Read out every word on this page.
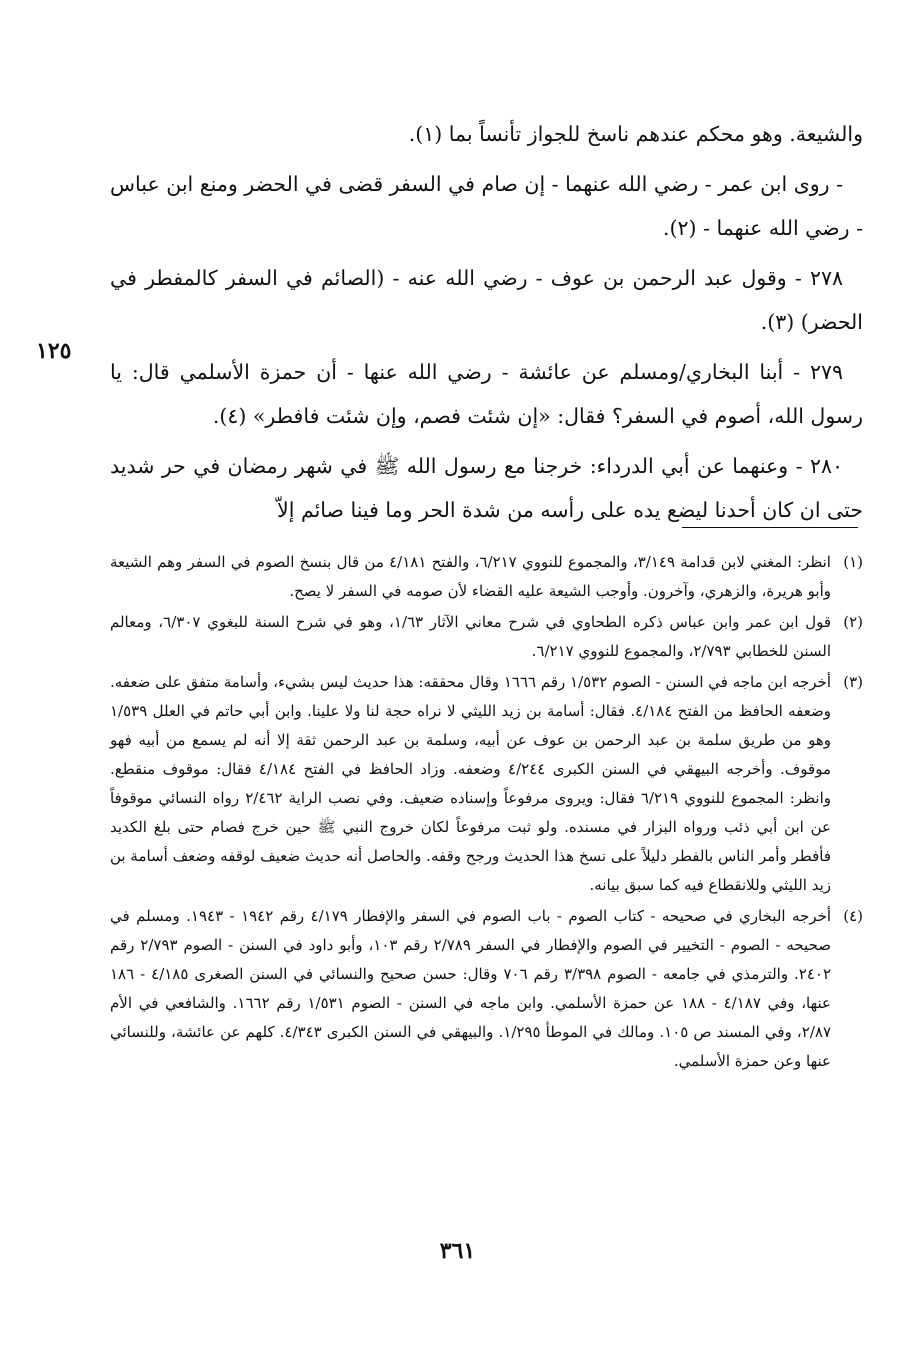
١٢٥

والشيعة. وهو محكم عندهم ناسخ للجواز تأنساً بما (١).

- روى ابن عمر - رضي الله عنهما - إن صام في السفر قضى في الحضر ومنع ابن عباس - رضي الله عنهما - (٢).

٢٧٨ - وقول عبد الرحمن بن عوف - رضي الله عنه - (الصائم في السفر كالمفطر في الحضر) (٣).

٢٧٩ - أبنا البخاري/ومسلم عن عائشة - رضي الله عنها - أن حمزة الأسلمي قال: يا رسول الله، أصوم في السفر؟ فقال: «إن شئت فصم، وإن شئت فافطر» (٤).

٢٨٠ - وعنهما عن أبي الدرداء: خرجنا مع رسول الله ﷺ في شهر رمضان في حر شديد حتى ان كان أحدنا ليضع يده على رأسه من شدة الحر وما فينا صائم إلاّ

(١)
انظر: المغني لابن قدامة ٣/١٤٩، والمجموع للنووي ٦/٢١٧، والفتح ٤/١٨١ من قال بنسخ الصوم في السفر وهم الشيعة وأبو هريرة، والزهري، وآخرون. وأوجب الشيعة عليه القضاء لأن صومه في السفر لا يصح.
(٢)
قول ابن عمر وابن عباس ذكره الطحاوي في شرح معاني الآثار ١/٦٣، وهو في شرح السنة للبغوي ٦/٣٠٧، ومعالم السنن للخطابي ٢/٧٩٣، والمجموع للنووي ٦/٢١٧.
(٣)
أخرجه ابن ماجه في السنن - الصوم ١/٥٣٢ رقم ١٦٦٦ وقال محققه: هذا حديث ليس بشيء، وأسامة متفق على ضعفه. وضعفه الحافظ من الفتح ٤/١٨٤. فقال: أسامة بن زيد الليثي لا نراه حجة لنا ولا علينا. وابن أبي حاتم في العلل ١/٥٣٩ وهو من طريق سلمة بن عبد الرحمن بن عوف عن أبيه، وسلمة بن عبد الرحمن ثقة إلا أنه لم يسمع من أبيه فهو موقوف. وأخرجه البيهقي في السنن الكبرى ٤/٢٤٤ وضعفه. وزاد الحافظ في الفتح ٤/١٨٤ فقال: موقوف منقطع. وانظر: المجموع للنووي ٦/٢١٩ فقال: ويروى مرفوعاً وإسناده ضعيف. وفي نصب الراية ٢/٤٦٢ رواه النسائي موقوفاً عن ابن أبي ذئب ورواه البزار في مسنده. ولو ثبت مرفوعاً لكان خروج النبي ﷺ حين خرج فصام حتى بلغ الكديد فأفطر وأمر الناس بالفطر دليلاً على نسخ هذا الحديث ورجح وقفه. والحاصل أنه حديث ضعيف لوقفه وضعف أسامة بن زيد الليثي وللانقطاع فيه كما سبق بيانه.
(٤)
أخرجه البخاري في صحيحه - كتاب الصوم - باب الصوم في السفر والإفطار ٤/١٧٩ رقم ١٩٤٢ - ١٩٤٣. ومسلم في صحيحه - الصوم - التخيير في الصوم والإفطار في السفر ٢/٧٨٩ رقم ١٠٣، وأبو داود في السنن - الصوم ٢/٧٩٣ رقم ٢٤٠٢. والترمذي في جامعه - الصوم ٣/٣٩٨ رقم ٧٠٦ وقال: حسن صحيح والنسائي في السنن الصغرى ٤/١٨٥ - ١٨٦ عنها، وفي ٤/١٨٧ - ١٨٨ عن حمزة الأسلمي. وابن ماجه في السنن - الصوم ١/٥٣١ رقم ١٦٦٢. والشافعي في الأم ٢/٨٧، وفي المسند ص ١٠٥. ومالك في الموطأ ١/٢٩٥. والبيهقي في السنن الكبرى ٤/٣٤٣. كلهم عن عائشة، وللنسائي عنها وعن حمزة الأسلمي.
٣٦١
